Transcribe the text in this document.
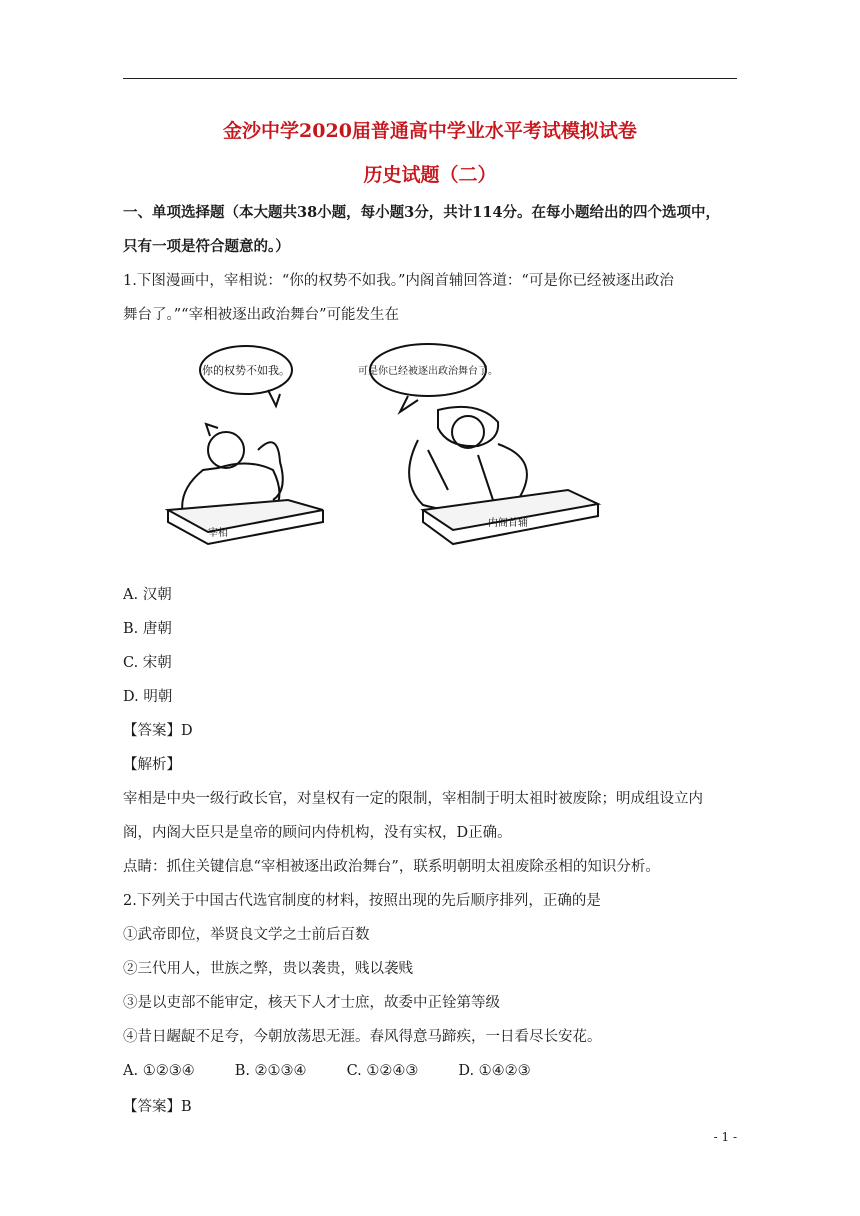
金沙中学2020届普通高中学业水平考试模拟试卷
历史试题（二）
一、单项选择题（本大题共38小题，每小题3分，共计114分。在每小题给出的四个选项中，
只有一项是符合题意的。）
1.下图漫画中，宰相说：“你的权势不如我。”内阁首辅回答道：“可是你已经被逐出政治
舞台了。”“宰相被逐出政治舞台”可能发生在
你的权势不如我。	可是你已经被逐出政治舞台了。
宰相
内阁首辅
A. 汉朝
B. 唐朝
C. 宋朝
D. 明朝
【答案】D
【解析】
宰相是中央一级行政长官，对皇权有一定的限制，宰相制于明太祖时被废除；明成组设立内
阁，内阁大臣只是皇帝的顾问内侍机构，没有实权，D正确。
点睛：抓住关键信息“宰相被逐出政治舞台”，联系明朝明太祖废除丞相的知识分析。
2.下列关于中国古代选官制度的材料，按照出现的先后顺序排列，正确的是
①武帝即位，举贤良文学之士前后百数
②三代用人，世族之弊，贵以袭贵，贱以袭贱
③是以吏部不能审定，核天下人才士庶，故委中正铨第等级
④昔日龌龊不足夸，今朝放荡思无涯。春风得意马蹄疾，一日看尽长安花。
A. ①②③④	B. ②①③④	C. ①②④③	D. ①④②③
【答案】B
- 1 -
